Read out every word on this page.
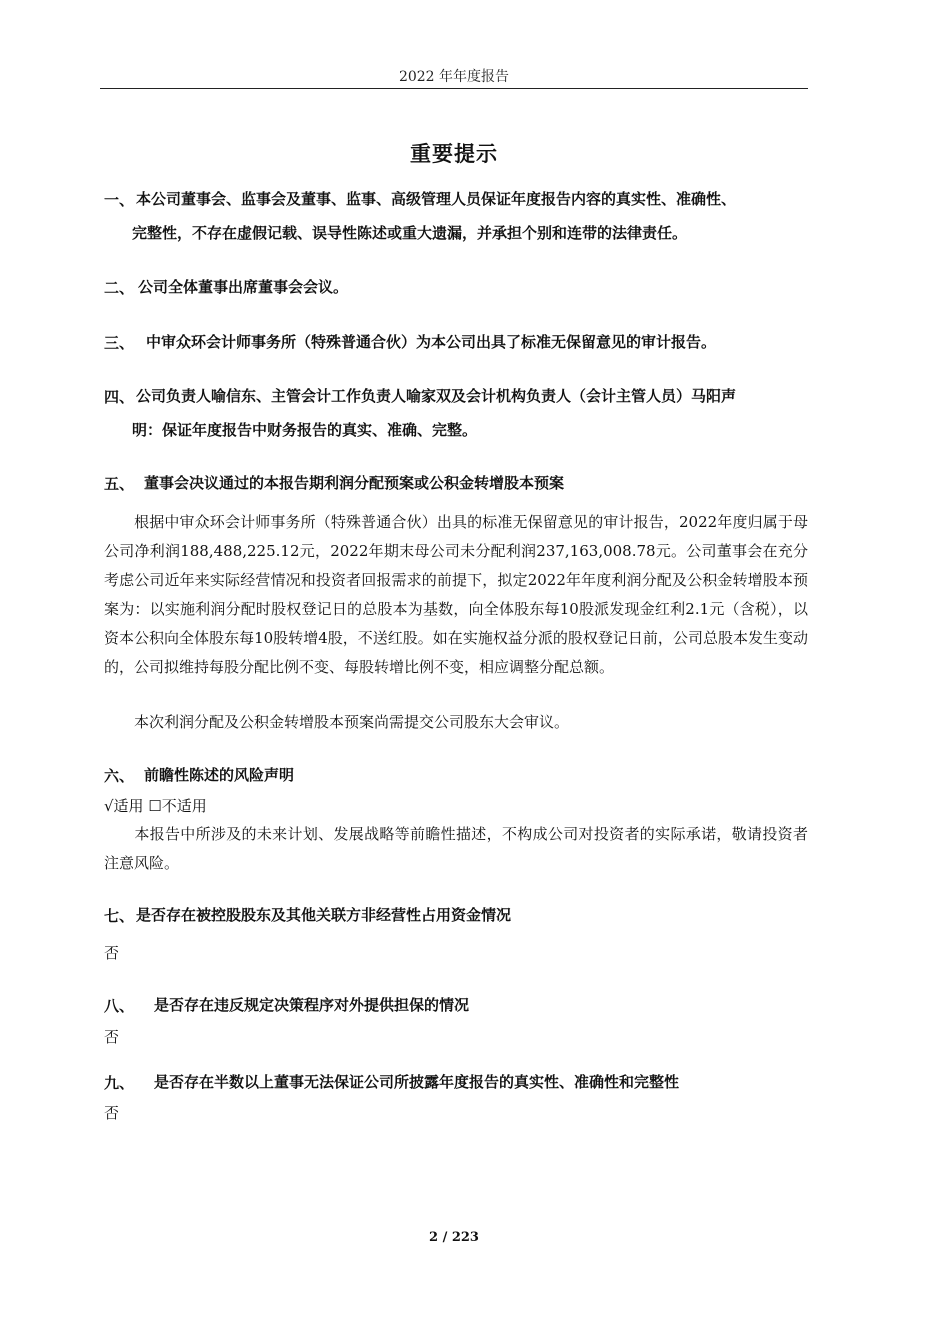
2022 年年度报告
重要提示
一、 本公司董事会、监事会及董事、监事、高级管理人员保证年度报告内容的真实性、准确性、
完整性，不存在虚假记载、误导性陈述或重大遗漏，并承担个别和连带的法律责任。
二、 公司全体董事出席董事会会议。
三、 中审众环会计师事务所（特殊普通合伙）为本公司出具了标准无保留意见的审计报告。
四、 公司负责人喻信东、主管会计工作负责人喻家双及会计机构负责人（会计主管人员）马阳声
明：保证年度报告中财务报告的真实、准确、完整。
五、 董事会决议通过的本报告期利润分配预案或公积金转增股本预案
根据中审众环会计师事务所（特殊普通合伙）出具的标准无保留意见的审计报告，2022年度归属于母公司净利润188,488,225.12元，2022年期末母公司未分配利润237,163,008.78元。公司董事会在充分考虑公司近年来实际经营情况和投资者回报需求的前提下，拟定2022年年度利润分配及公积金转增股本预案为：以实施利润分配时股权登记日的总股本为基数，向全体股东每10股派发现金红利2.1元（含税），以资本公积向全体股东每10股转增4股，不送红股。如在实施权益分派的股权登记日前，公司总股本发生变动的，公司拟维持每股分配比例不变、每股转增比例不变，相应调整分配总额。
本次利润分配及公积金转增股本预案尚需提交公司股东大会审议。
六、 前瞻性陈述的风险声明
√适用 ☐不适用
本报告中所涉及的未来计划、发展战略等前瞻性描述，不构成公司对投资者的实际承诺，敬请投资者注意风险。
七、 是否存在被控股股东及其他关联方非经营性占用资金情况
否
八、 是否存在违反规定决策程序对外提供担保的情况
否
九、 是否存在半数以上董事无法保证公司所披露年度报告的真实性、准确性和完整性
否
2 / 223
